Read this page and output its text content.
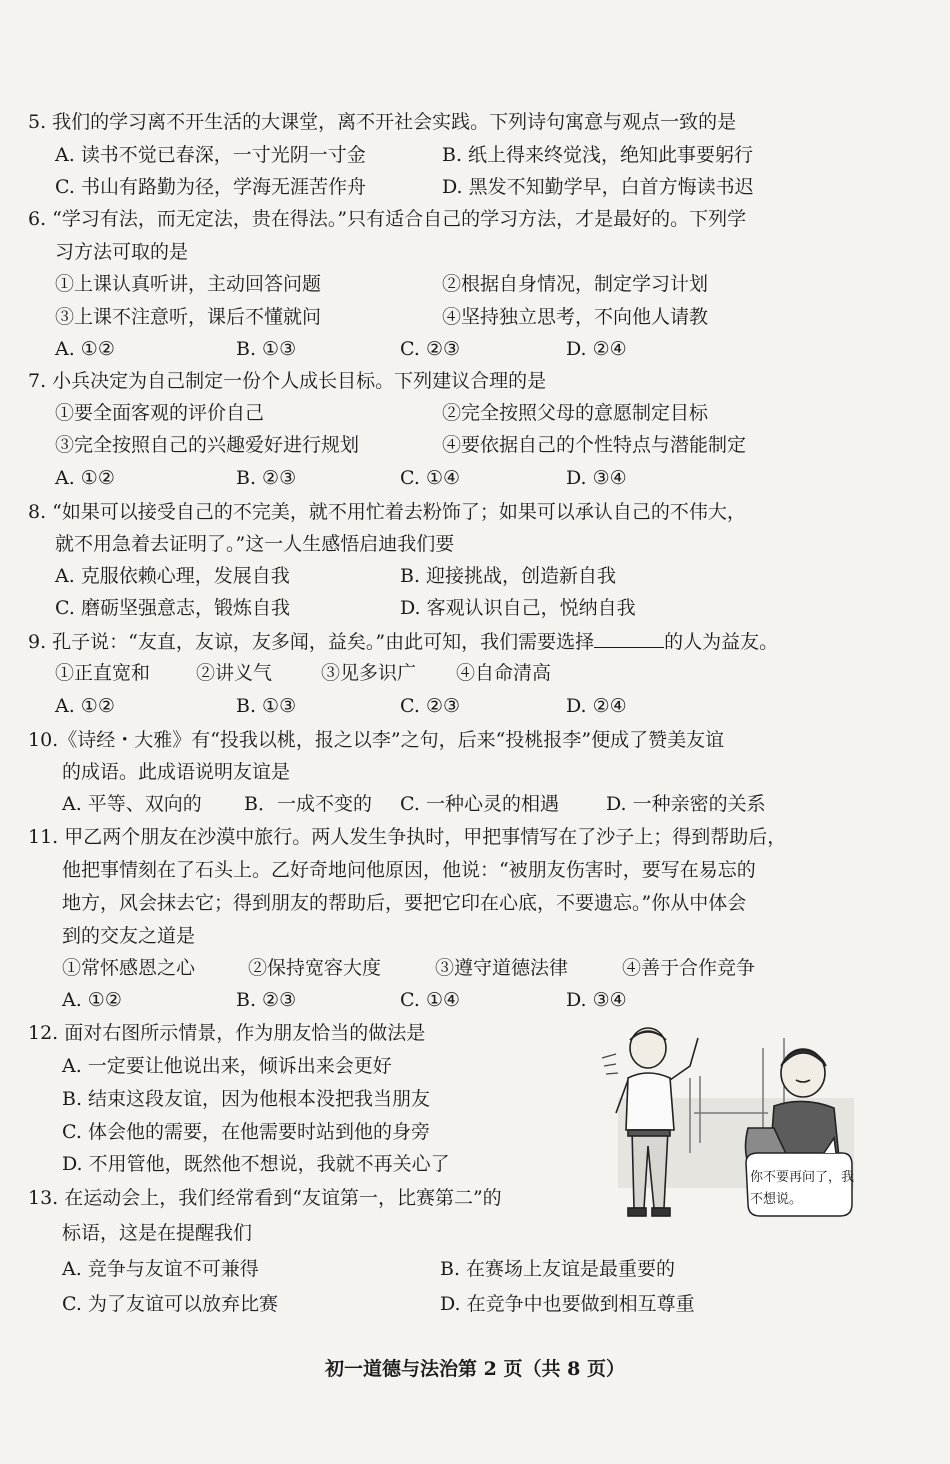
5. 我们的学习离不开生活的大课堂，离不开社会实践。下列诗句寓意与观点一致的是
A. 读书不觉已春深，一寸光阴一寸金	B. 纸上得来终觉浅，绝知此事要躬行
C. 书山有路勤为径，学海无涯苦作舟	D. 黑发不知勤学早，白首方悔读书迟
6. “学习有法，而无定法，贵在得法。”只有适合自己的学习方法，才是最好的。下列学
习方法可取的是
①上课认真听讲，主动回答问题	②根据自身情况，制定学习计划
③上课不注意听，课后不懂就问	④坚持独立思考，不向他人请教
A. ①②	B. ①③	C. ②③	D. ②④
7. 小兵决定为自己制定一份个人成长目标。下列建议合理的是
①要全面客观的评价自己	②完全按照父母的意愿制定目标
③完全按照自己的兴趣爱好进行规划	④要依据自己的个性特点与潜能制定
A. ①②	B. ②③	C. ①④	D. ③④
8. “如果可以接受自己的不完美，就不用忙着去粉饰了；如果可以承认自己的不伟大，
就不用急着去证明了。”这一人生感悟启迪我们要
A. 克服依赖心理，发展自我	B. 迎接挑战，创造新自我
C. 磨砺坚强意志，锻炼自我	D. 客观认识自己，悦纳自我
9. 孔子说：“友直，友谅，友多闻，益矣。”由此可知，我们需要选择	的人为益友。
①正直宽和 ②讲义气	③见多识广 ④自命清高
A. ①②	B. ①③	C. ②③	D. ②④
10.《诗经・大雅》有“投我以桃，报之以李”之句，后来“投桃报李”便成了赞美友谊
的成语。此成语说明友谊是
A. 平等、双向的 B．一成不变的 C. 一种心灵的相遇 D. 一种亲密的关系
11. 甲乙两个朋友在沙漠中旅行。两人发生争执时，甲把事情写在了沙子上；得到帮助后，
他把事情刻在了石头上。乙好奇地问他原因，他说：“被朋友伤害时，要写在易忘的
地方，风会抹去它；得到朋友的帮助后，要把它印在心底，不要遗忘。”你从中体会
到的交友之道是
①常怀感恩之心	②保持宽容大度	③遵守道德法律	④善于合作竞争
A. ①②	B. ②③	C. ①④	D. ③④
12. 面对右图所示情景，作为朋友恰当的做法是
A. 一定要让他说出来，倾诉出来会更好
B. 结束这段友谊，因为他根本没把我当朋友
C. 体会他的需要，在他需要时站到他的身旁
D. 不用管他，既然他不想说，我就不再关心了
你不要再问了，我
不想说。
13. 在运动会上，我们经常看到“友谊第一，比赛第二”的
标语，这是在提醒我们
A. 竞争与友谊不可兼得	B. 在赛场上友谊是最重要的
C. 为了友谊可以放弃比赛	D. 在竞争中也要做到相互尊重
初一道德与法治第 2 页（共 8 页）
